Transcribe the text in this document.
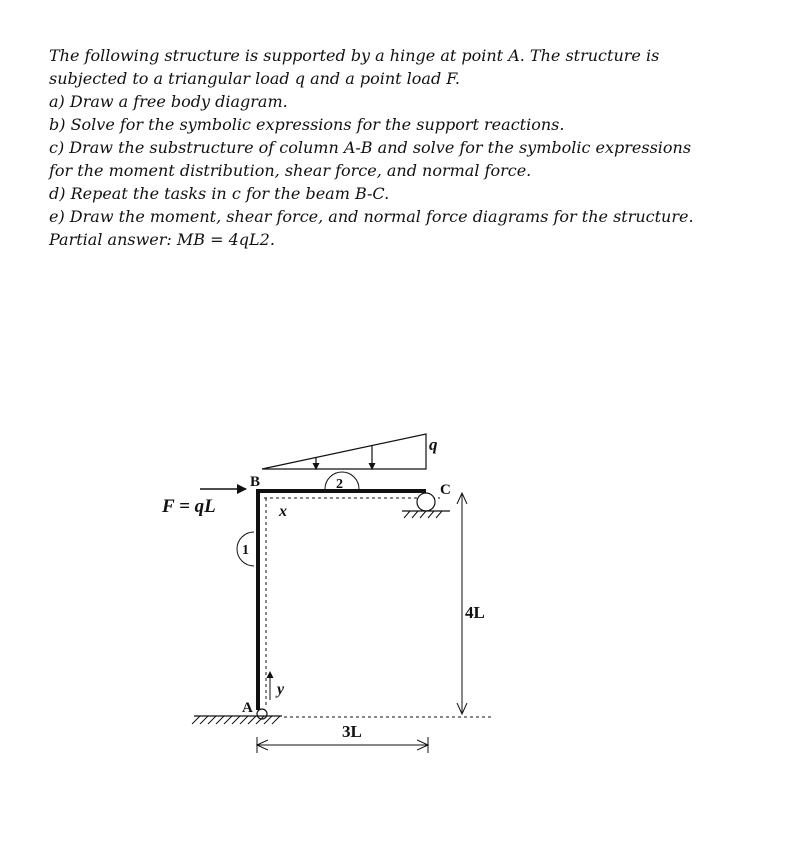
The following structure is supported by a hinge at point A. The structure is
subjected to a triangular load q and a point load F.
a) Draw a free body diagram.
b) Solve for the symbolic expressions for the support reactions.
c) Draw the substructure of column A-B and solve for the symbolic expressions
for the moment distribution, shear force, and normal force.
d) Repeat the tasks in c for the beam B-C.
e) Draw the moment, shear force, and normal force diagrams for the structure.
Partial answer: MB = 4qL2.
1
2
q
F = qL
B
A
C
x
y
4L
3L
